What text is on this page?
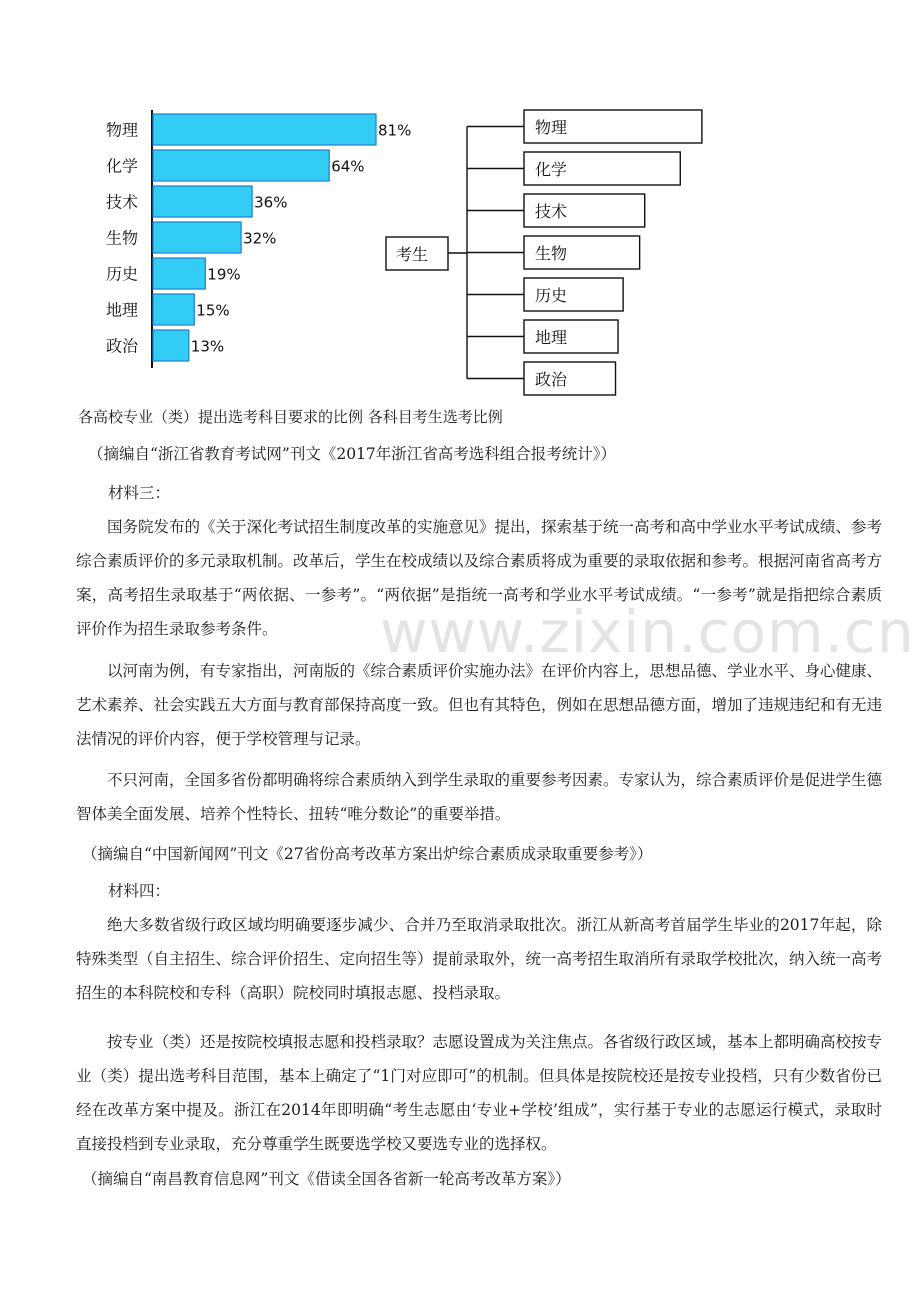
物理	81%
化学	64%
技术	36%
生物	32%
历史	19%
地理	15%
政治	13%
考生
物理
化学
技术
生物
历史
地理
政治
各高校专业（类）提出选考科目要求的比例 各科目考生选考比例
（摘编自“浙江省教育考试网”刊文《2017年浙江省高考选科组合报考统计》）
材料三：

国务院发布的《关于深化考试招生制度改革的实施意见》提出，探索基于统一高考和高中学业水平考试成绩、参考综合素质评价的多元录取机制。改革后，学生在校成绩以及综合素质将成为重要的录取依据和参考。根据河南省高考方案，高考招生录取基于“两依据、一参考”。“两依据”是指统一高考和学业水平考试成绩。“一参考”就是指把综合素质评价作为招生录取参考条件。

以河南为例，有专家指出，河南版的《综合素质评价实施办法》在评价内容上，思想品德、学业水平、身心健康、艺术素养、社会实践五大方面与教育部保持高度一致。但也有其特色，例如在思想品德方面，增加了违规违纪和有无违法情况的评价内容，便于学校管理与记录。

不只河南，全国多省份都明确将综合素质纳入到学生录取的重要参考因素。专家认为，综合素质评价是促进学生德智体美全面发展、培养个性特长、扭转“唯分数论”的重要举措。

（摘编自“中国新闻网”刊文《27省份高考改革方案出炉综合素质成录取重要参考》）
材料四：

绝大多数省级行政区域均明确要逐步减少、合并乃至取消录取批次。浙江从新高考首届学生毕业的2017年起，除特殊类型（自主招生、综合评价招生、定向招生等）提前录取外，统一高考招生取消所有录取学校批次，纳入统一高考招生的本科院校和专科（高职）院校同时填报志愿、投档录取。

按专业（类）还是按院校填报志愿和投档录取？志愿设置成为关注焦点。各省级行政区域，基本上都明确高校按专业（类）提出选考科目范围，基本上确定了“1门对应即可”的机制。但具体是按院校还是按专业投档，只有少数省份已经在改革方案中提及。浙江在2014年即明确“考生志愿由‘专业+学校’组成”，实行基于专业的志愿运行模式，录取时直接投档到专业录取，充分尊重学生既要选学校又要选专业的选择权。

（摘编自“南昌教育信息网”刊文《借读全国各省新一轮高考改革方案》）
www.zixin.com.cn
